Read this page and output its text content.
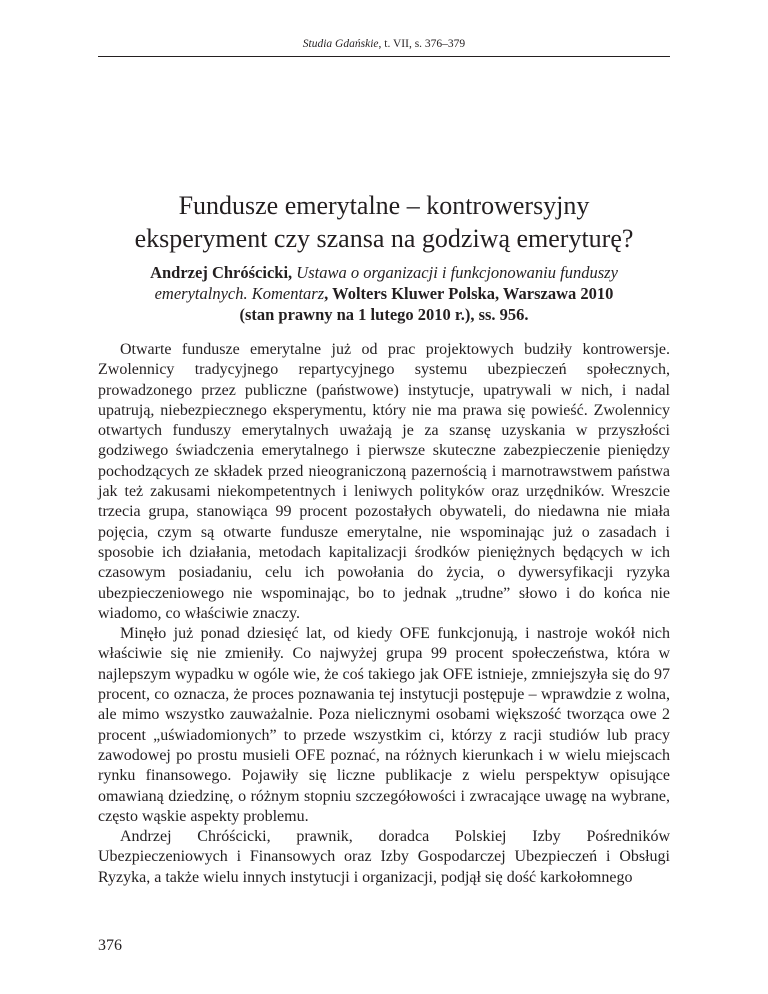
Studia Gdańskie, t. VII, s. 376–379
Fundusze emerytalne – kontrowersyjny
eksperyment czy szansa na godziwą emeryturę?
Andrzej Chróścicki, Ustawa o organizacji i funkcjonowaniu funduszy
emerytalnych. Komentarz, Wolters Kluwer Polska, Warszawa 2010
(stan prawny na 1 lutego 2010 r.), ss. 956.

Otwarte fundusze emerytalne już od prac projektowych budziły kontrowersje. Zwolennicy tradycyjnego repartycyjnego systemu ubezpieczeń społecznych, prowadzonego przez publiczne (państwowe) instytucje, upatrywali w nich, i nadal upatrują, niebezpiecznego eksperymentu, który nie ma prawa się powieść. Zwolennicy otwartych funduszy emerytalnych uważają je za szansę uzyskania w przyszłości godziwego świadczenia emerytalnego i pierwsze skuteczne zabezpieczenie pieniędzy pochodzących ze składek przed nieograniczoną pazernością i marnotrawstwem państwa jak też zakusami niekompetentnych i leniwych polityków oraz urzędników. Wreszcie trzecia grupa, stanowiąca 99 procent pozostałych obywateli, do niedawna nie miała pojęcia, czym są otwarte fundusze emerytalne, nie wspominając już o zasadach i sposobie ich działania, metodach kapitalizacji środków pieniężnych będących w ich czasowym posiadaniu, celu ich powołania do życia, o dywersyfikacji ryzyka ubezpieczeniowego nie wspominając, bo to jednak „trudne” słowo i do końca nie wiadomo, co właściwie znaczy.

Minęło już ponad dziesięć lat, od kiedy OFE funkcjonują, i nastroje wokół nich właściwie się nie zmieniły. Co najwyżej grupa 99 procent społeczeństwa, która w najlepszym wypadku w ogóle wie, że coś takiego jak OFE istnieje, zmniejszyła się do 97 procent, co oznacza, że proces poznawania tej instytucji postępuje – wprawdzie z wolna, ale mimo wszystko zauważalnie. Poza nielicznymi osobami większość tworząca owe 2 procent „uświadomionych” to przede wszystkim ci, którzy z racji studiów lub pracy zawodowej po prostu musieli OFE poznać, na różnych kierunkach i w wielu miejscach rynku finansowego. Pojawiły się liczne publikacje z wielu perspektyw opisujące omawianą dziedzinę, o różnym stopniu szczegółowości i zwracające uwagę na wybrane, często wąskie aspekty problemu.

Andrzej Chróścicki, prawnik, doradca Polskiej Izby Pośredników Ubezpieczeniowych i Finansowych oraz Izby Gospodarczej Ubezpieczeń i Obsługi Ryzyka, a także wielu innych instytucji i organizacji, podjął się dość karkołomnego

376
